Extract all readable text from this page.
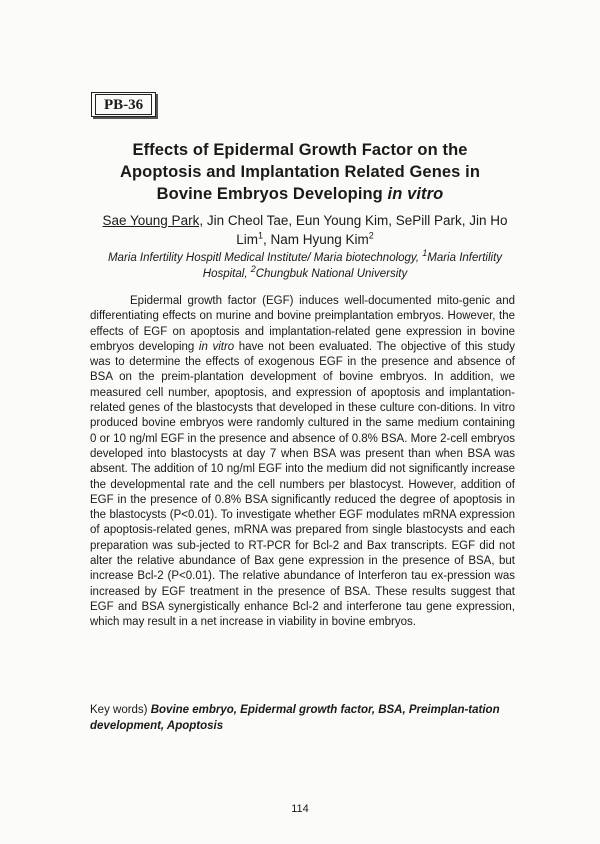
PB-36
Effects of Epidermal Growth Factor on the
Apoptosis and Implantation Related Genes in
Bovine Embryos Developing in vitro
Sae Young Park, Jin Cheol Tae, Eun Young Kim, SePill Park, Jin Ho Lim$^1$, Nam Hyung Kim$^2$
Maria Infertility Hospitl Medical Institute/ Maria biotechnology, $^1$Maria Infertility Hospital, $^2$Chungbuk National University

Epidermal growth factor (EGF) induces well-documented mito-genic and differentiating effects on murine and bovine preimplantation embryos. However, the effects of EGF on apoptosis and implantation-related gene expression in bovine embryos developing in vitro have not been evaluated. The objective of this study was to determine the effects of exogenous EGF in the presence and absence of BSA on the preim-plantation development of bovine embryos. In addition, we measured cell number, apoptosis, and expression of apoptosis and implantation-related genes of the blastocysts that developed in these culture con-ditions. In vitro produced bovine embryos were randomly cultured in the same medium containing 0 or 10 ng/ml EGF in the presence and absence of 0.8% BSA. More 2-cell embryos developed into blastocysts at day 7 when BSA was present than when BSA was absent. The addition of 10 ng/ml EGF into the medium did not significantly increase the developmental rate and the cell numbers per blastocyst. However, addition of EGF in the presence of 0.8% BSA significantly reduced the degree of apoptosis in the blastocysts (P<0.01). To investigate whether EGF modulates mRNA expression of apoptosis-related genes, mRNA was prepared from single blastocysts and each preparation was sub-jected to RT-PCR for Bcl-2 and Bax transcripts. EGF did not alter the relative abundance of Bax gene expression in the presence of BSA, but increase Bcl-2 (P<0.01). The relative abundance of Interferon tau ex-pression was increased by EGF treatment in the presence of BSA. These results suggest that EGF and BSA synergistically enhance Bcl-2 and interferone tau gene expression, which may result in a net increase in viability in bovine embryos.

Key words) Bovine embryo, Epidermal growth factor, BSA, Preimplan-tation development, Apoptosis

114
